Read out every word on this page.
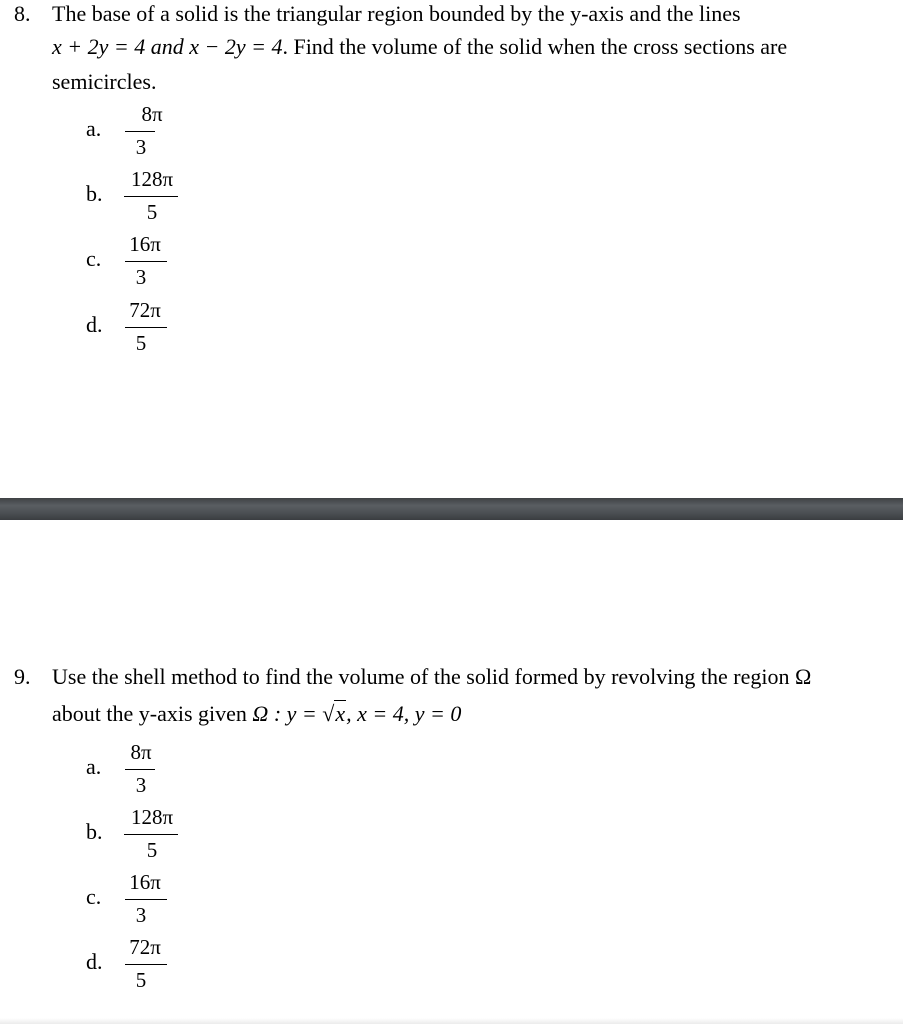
8. The base of a solid is the triangular region bounded by the y-axis and the lines
x + 2y = 4 and x − 2y = 4. Find the volume of the solid when the cross sections are
semicircles.
a.
8π
3
b.
128π
5
c.
16π
3
d.
72π
5
9. Use the shell method to find the volume of the solid formed by revolving the region Ω
about the y-axis given Ω : y = √x, x = 4, y = 0
a.
8π
3
b.
128π
5
c.
16π
3
d.
72π
5
